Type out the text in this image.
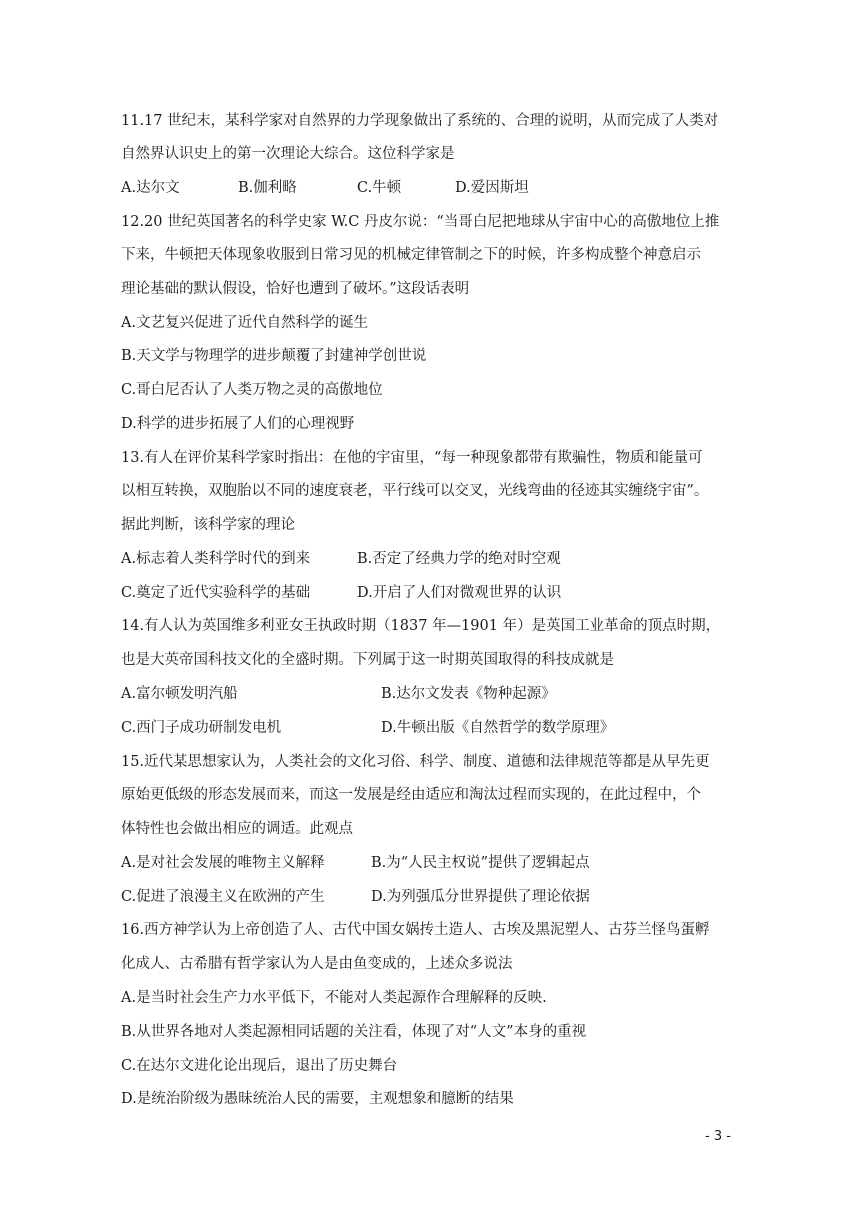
11.17 世纪末，某科学家对自然界的力学现象做出了系统的、合理的说明，从而完成了人类对
自然界认识史上的第一次理论大综合。这位科学家是
A.达尔文	B.伽利略	C.牛顿	D.爱因斯坦
12.20 世纪英国著名的科学史家 W.C 丹皮尔说：“当哥白尼把地球从宇宙中心的高傲地位上推
下来，牛顿把天体现象收服到日常习见的机械定律管制之下的时候，许多构成整个神意启示
理论基础的默认假设，恰好也遭到了破坏。”这段话表明
A.文艺复兴促进了近代自然科学的诞生
B.天文学与物理学的进步颠覆了封建神学创世说
C.哥白尼否认了人类万物之灵的高傲地位
D.科学的进步拓展了人们的心理视野
13.有人在评价某科学家时指出：在他的宇宙里，“每一种现象都带有欺骗性，物质和能量可
以相互转换，双胞胎以不同的速度衰老，平行线可以交叉，光线弯曲的径迹其实缠绕宇宙”。
据此判断，该科学家的理论
A.标志着人类科学时代的到来	B.否定了经典力学的绝对时空观
C.奠定了近代实验科学的基础	D.开启了人们对微观世界的认识
14.有人认为英国维多利亚女王执政时期（1837 年—1901 年）是英国工业革命的顶点时期，
也是大英帝国科技文化的全盛时期。下列属于这一时期英国取得的科技成就是
A.富尔顿发明汽船	B.达尔文发表《物种起源》
C.西门子成功研制发电机	D.牛顿出版《自然哲学的数学原理》
15.近代某思想家认为，人类社会的文化习俗、科学、制度、道德和法律规范等都是从早先更
原始更低级的形态发展而来，而这一发展是经由适应和淘汰过程而实现的，在此过程中，个
体特性也会做出相应的调适。此观点
A.是对社会发展的唯物主义解释	B.为“人民主权说”提供了逻辑起点
C.促进了浪漫主义在欧洲的产生	D.为列强瓜分世界提供了理论依据
16.西方神学认为上帝创造了人、古代中国女娲抟土造人、古埃及黑泥塑人、古芬兰怪鸟蛋孵
化成人、古希腊有哲学家认为人是由鱼变成的，上述众多说法
A.是当时社会生产力水平低下，不能对人类起源作合理解释的反映.
B.从世界各地对人类起源相同话题的关注看，体现了对“人文”本身的重视
C.在达尔文进化论出现后，退出了历史舞台
D.是统治阶级为愚昧统治人民的需要，主观想象和臆断的结果
- 3 -
